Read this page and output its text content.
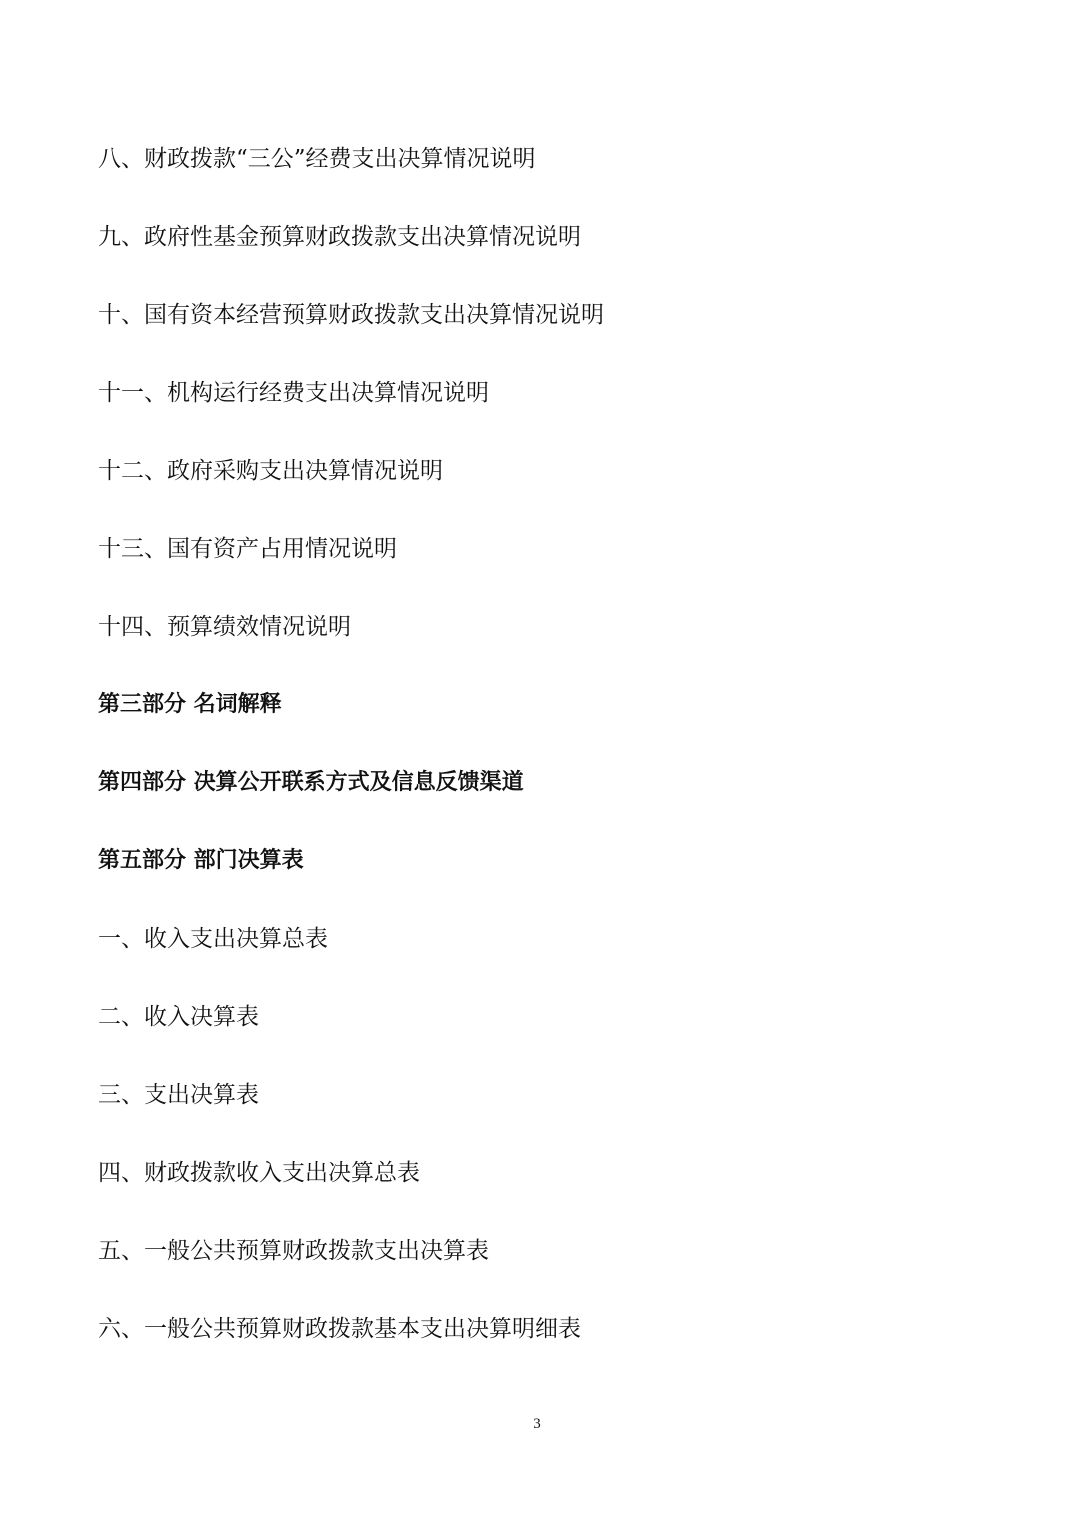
八、财政拨款“三公”经费支出决算情况说明
九、政府性基金预算财政拨款支出决算情况说明
十、国有资本经营预算财政拨款支出决算情况说明
十一、机构运行经费支出决算情况说明
十二、政府采购支出决算情况说明
十三、国有资产占用情况说明
十四、预算绩效情况说明
第三部分 名词解释
第四部分 决算公开联系方式及信息反馈渠道
第五部分 部门决算表
一、收入支出决算总表
二、收入决算表
三、支出决算表
四、财政拨款收入支出决算总表
五、一般公共预算财政拨款支出决算表
六、一般公共预算财政拨款基本支出决算明细表
3
